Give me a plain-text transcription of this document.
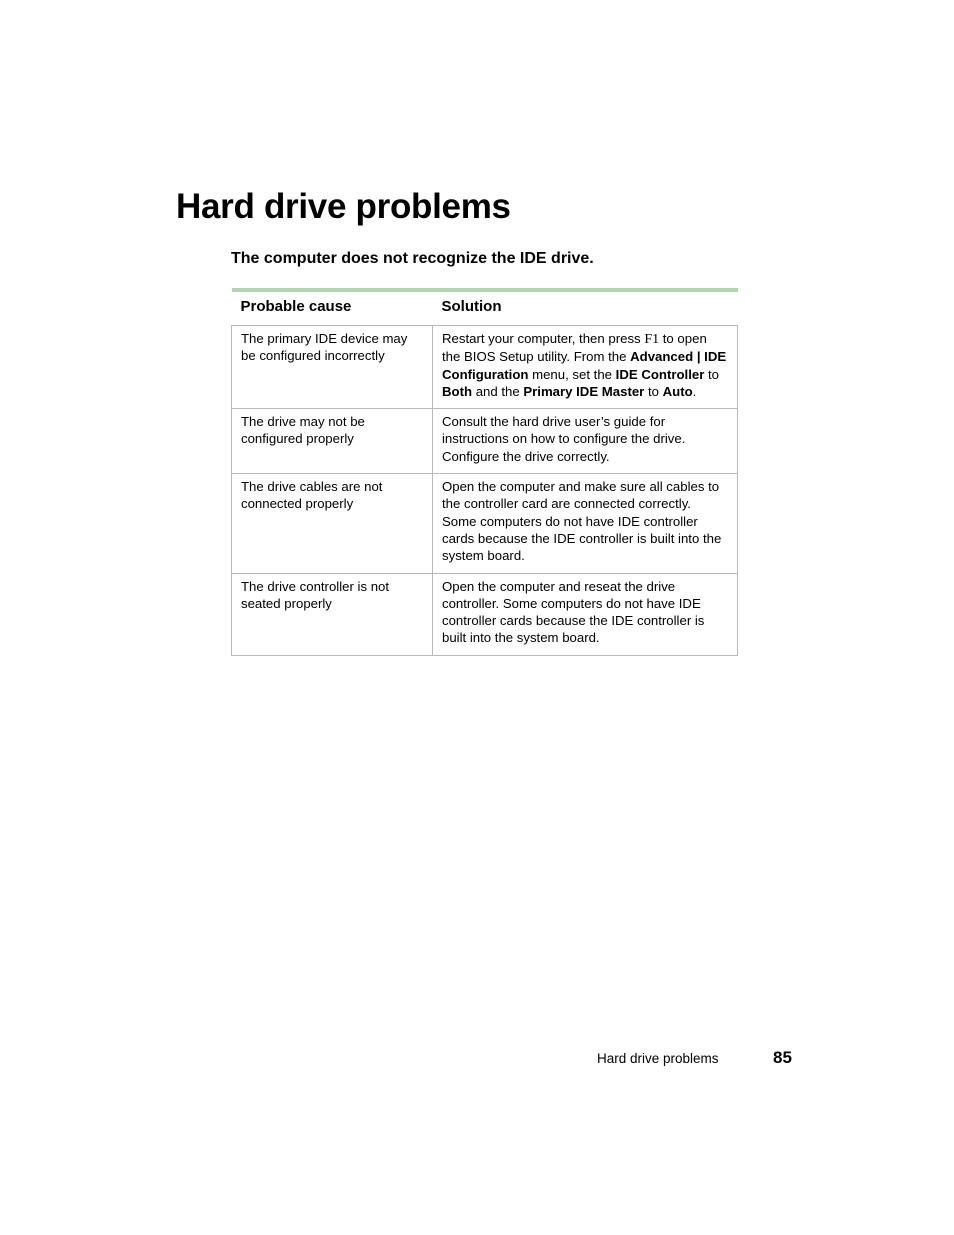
Hard drive problems
The computer does not recognize the IDE drive.
Probable cause	Solution
The primary IDE device may be configured incorrectly	Restart your computer, then press F1 to open the BIOS Setup utility. From the Advanced | IDE Configuration menu, set the IDE Controller to Both and the Primary IDE Master to Auto.
The drive may not be configured properly	Consult the hard drive user’s guide for instructions on how to configure the drive. Configure the drive correctly.
The drive cables are not connected properly	Open the computer and make sure all cables to the controller card are connected correctly. Some computers do not have IDE controller cards because the IDE controller is built into the system board.
The drive controller is not seated properly	Open the computer and reseat the drive controller. Some computers do not have IDE controller cards because the IDE controller is built into the system board.
Hard drive problems	85
